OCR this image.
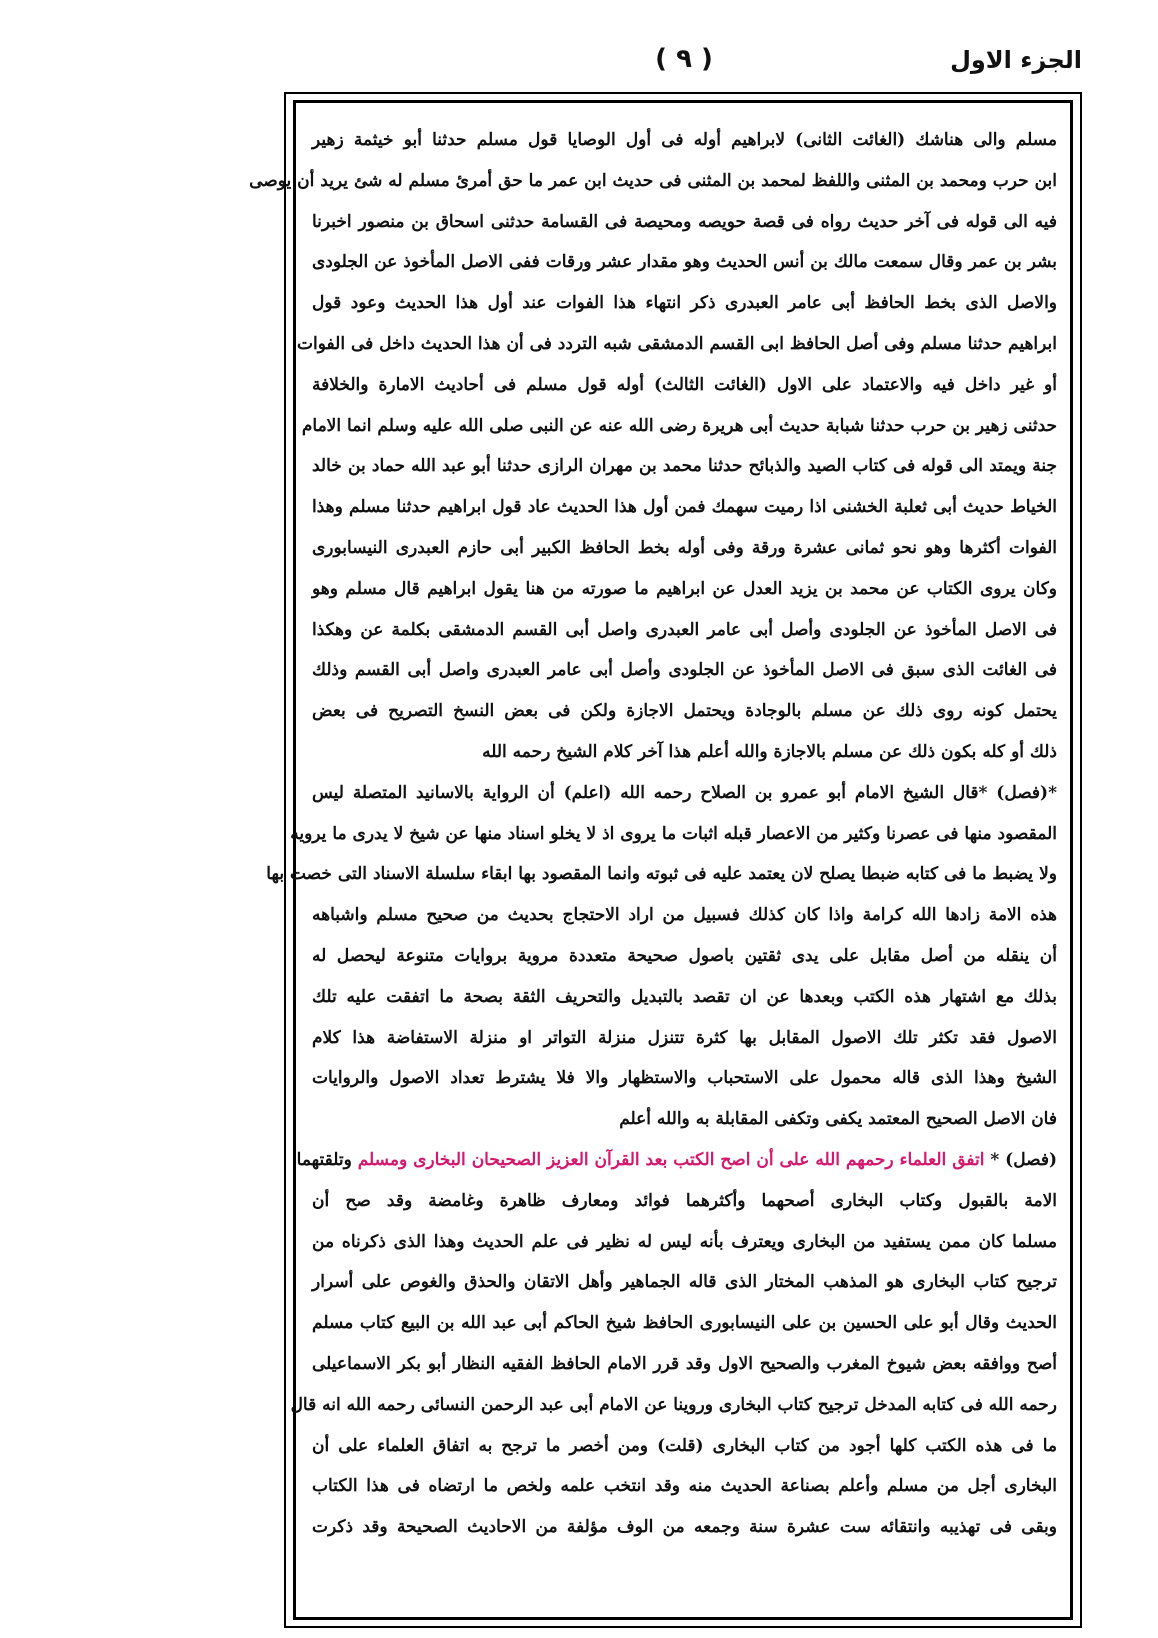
الجزء الاول
( ٩ )
مسلم والى هناشك (الغائت الثانى) لابراهيم أوله فى أول الوصايا قول مسلم حدثنا أبو خيثمة زهير
ابن حرب ومحمد بن المثنى واللفظ لمحمد بن المثنى فى حديث ابن عمر ما حق أمرئ مسلم له شئ يريد أن يوصى
فيه الى قوله فى آخر حديث رواه فى قصة حويصه ومحيصة فى القسامة حدثنى اسحاق بن منصور اخبرنا
بشر بن عمر وقال سمعت مالك بن أنس الحديث وهو مقدار عشر ورقات ففى الاصل المأخوذ عن الجلودى
والاصل الذى بخط الحافظ أبى عامر العبدرى ذكر انتهاء هذا الفوات عند أول هذا الحديث وعود قول
ابراهيم حدثنا مسلم وفى أصل الحافظ ابى القسم الدمشقى شبه التردد فى أن هذا الحديث داخل فى الفوات
أو غير داخل فيه والاعتماد على الاول (الغائت الثالث) أوله قول مسلم فى أحاديث الامارة والخلافة
حدثنى زهير بن حرب حدثنا شبابة حديث أبى هريرة رضى الله عنه عن النبى صلى الله عليه وسلم انما الامام
جنة ويمتد الى قوله فى كتاب الصيد والذبائح حدثنا محمد بن مهران الرازى حدثنا أبو عبد الله حماد بن خالد
الخياط حديث أبى ثعلبة الخشنى اذا رميت سهمك فمن أول هذا الحديث عاد قول ابراهيم حدثنا مسلم وهذا
الفوات أكثرها وهو نحو ثمانى عشرة ورقة وفى أوله بخط الحافظ الكبير أبى حازم العبدرى النيسابورى
وكان يروى الكتاب عن محمد بن يزيد العدل عن ابراهيم ما صورته من هنا يقول ابراهيم قال مسلم وهو
فى الاصل المأخوذ عن الجلودى وأصل أبى عامر العبدرى واصل أبى القسم الدمشقى بكلمة عن وهكذا
فى الغائت الذى سبق فى الاصل المأخوذ عن الجلودى وأصل أبى عامر العبدرى واصل أبى القسم وذلك
يحتمل كونه روى ذلك عن مسلم بالوجادة ويحتمل الاجازة ولكن فى بعض النسخ التصريح فى بعض
ذلك أو كله بكون ذلك عن مسلم بالاجازة والله أعلم هذا آخر كلام الشيخ رحمه الله
*(فصل) *قال الشيخ الامام أبو عمرو بن الصلاح رحمه الله (اعلم) أن الرواية بالاسانيد المتصلة ليس
المقصود منها فى عصرنا وكثير من الاعصار قبله اثبات ما يروى اذ لا يخلو اسناد منها عن شيخ لا يدرى ما يرويه
ولا يضبط ما فى كتابه ضبطا يصلح لان يعتمد عليه فى ثبوته وانما المقصود بها ابقاء سلسلة الاسناد التى خصت بها
هذه الامة زادها الله كرامة واذا كان كذلك فسبيل من اراد الاحتجاج بحديث من صحيح مسلم واشباهه
أن ينقله من أصل مقابل على يدى ثقتين باصول صحيحة متعددة مروية بروايات متنوعة ليحصل له
بذلك مع اشتهار هذه الكتب وبعدها عن ان تقصد بالتبديل والتحريف الثقة بصحة ما اتفقت عليه تلك
الاصول فقد تكثر تلك الاصول المقابل بها كثرة تتنزل منزلة التواتر او منزلة الاستفاضة هذا كلام
الشيخ وهذا الذى قاله محمول على الاستحباب والاستظهار والا فلا يشترط تعداد الاصول والروايات
فان الاصل الصحيح المعتمد يكفى وتكفى المقابلة به والله أعلم
(فصل) * اتفق العلماء رحمهم الله على أن اصح الكتب بعد القرآن العزيز الصحيحان البخارى ومسلم وتلقتهما
الامة بالقبول وكتاب البخارى أصحهما وأكثرهما فوائد ومعارف ظاهرة وغامضة وقد صح أن
مسلما كان ممن يستفيد من البخارى ويعترف بأنه ليس له نظير فى علم الحديث وهذا الذى ذكرناه من
ترجيح كتاب البخارى هو المذهب المختار الذى قاله الجماهير وأهل الاتقان والحذق والغوص على أسرار
الحديث وقال أبو على الحسين بن على النيسابورى الحافظ شيخ الحاكم أبى عبد الله بن البيع كتاب مسلم
أصح ووافقه بعض شيوخ المغرب والصحيح الاول وقد قرر الامام الحافظ الفقيه النظار أبو بكر الاسماعيلى
رحمه الله فى كتابه المدخل ترجيح كتاب البخارى وروينا عن الامام أبى عبد الرحمن النسائى رحمه الله انه قال
ما فى هذه الكتب كلها أجود من كتاب البخارى (قلت) ومن أخصر ما ترجح به اتفاق العلماء على أن
البخارى أجل من مسلم وأعلم بصناعة الحديث منه وقد انتخب علمه ولخص ما ارتضاه فى هذا الكتاب
وبقى فى تهذيبه وانتقائه ست عشرة سنة وجمعه من الوف مؤلفة من الاحاديث الصحيحة وقد ذكرت
